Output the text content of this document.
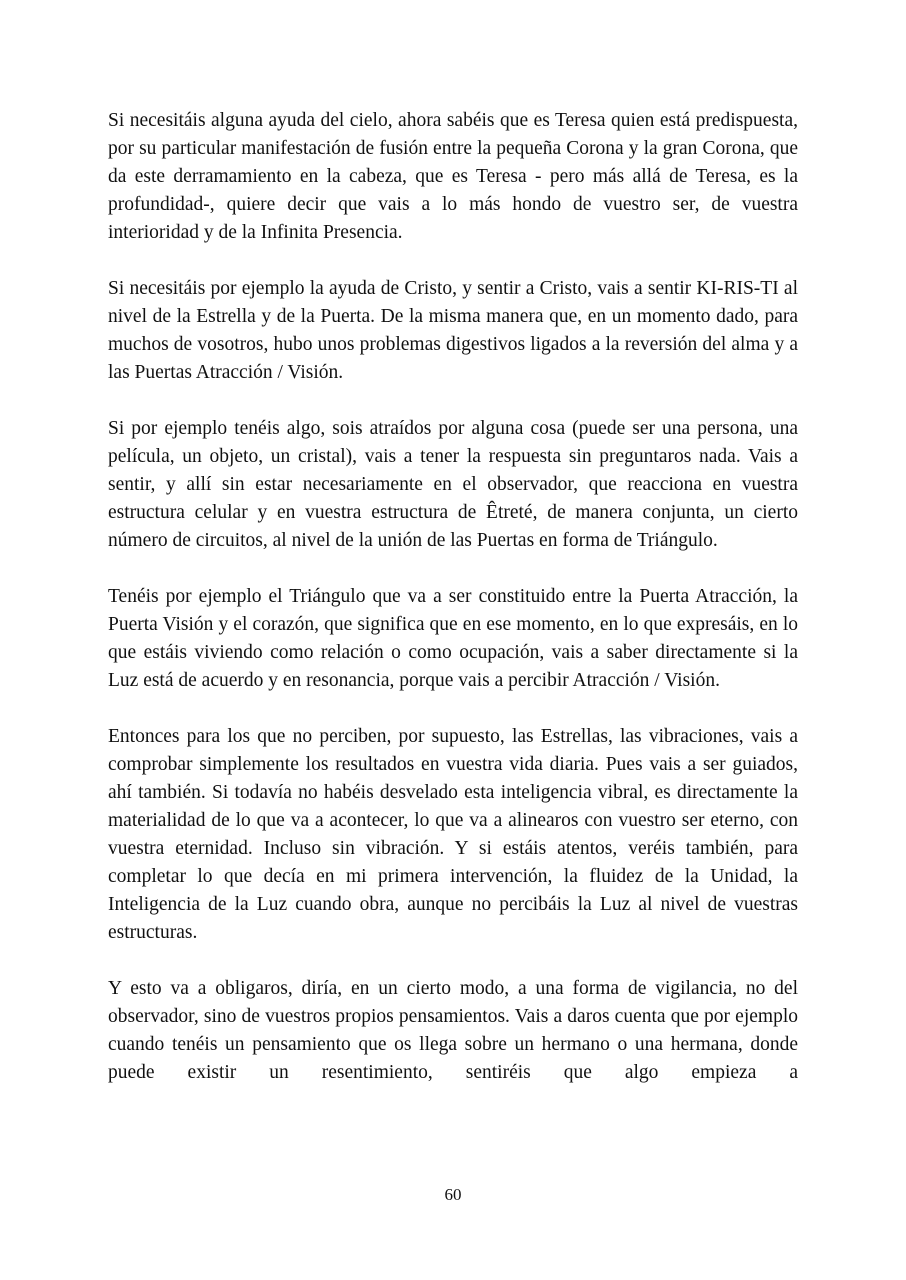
Si necesitáis alguna ayuda del cielo, ahora sabéis que es Teresa quien está predispuesta, por su particular manifestación de fusión entre la pequeña Corona y la gran Corona, que da este derramamiento en la cabeza, que es Teresa - pero más allá de Teresa, es la profundidad-, quiere decir que vais a lo más hondo de vuestro ser, de vuestra interioridad y de la Infinita Presencia.

Si necesitáis por ejemplo la ayuda de Cristo, y sentir a Cristo, vais a sentir KI-RIS-TI al nivel de la Estrella y de la Puerta. De la misma manera que, en un momento dado, para muchos de vosotros, hubo unos problemas digestivos ligados a la reversión del alma y a las Puertas Atracción / Visión.

Si por ejemplo tenéis algo, sois atraídos por alguna cosa (puede ser una persona, una película, un objeto, un cristal), vais a tener la respuesta sin preguntaros nada. Vais a sentir, y allí sin estar necesariamente en el observador, que reacciona en vuestra estructura celular y en vuestra estructura de Êtreté, de manera conjunta, un cierto número de circuitos, al nivel de la unión de las Puertas en forma de Triángulo.

Tenéis por ejemplo el Triángulo que va a ser constituido entre la Puerta Atracción, la Puerta Visión y el corazón, que significa que en ese momento, en lo que expresáis, en lo que estáis viviendo como relación o como ocupación, vais a saber directamente si la Luz está de acuerdo y en resonancia, porque vais a percibir Atracción / Visión.

Entonces para los que no perciben, por supuesto, las Estrellas, las vibraciones, vais a comprobar simplemente los resultados en vuestra vida diaria. Pues vais a ser guiados, ahí también. Si todavía no habéis desvelado esta inteligencia vibral, es directamente la materialidad de lo que va a acontecer, lo que va a alinearos con vuestro ser eterno, con vuestra eternidad. Incluso sin vibración. Y si estáis atentos, veréis también, para completar lo que decía en mi primera intervención, la fluidez de la Unidad, la Inteligencia de la Luz cuando obra, aunque no percibáis la Luz al nivel de vuestras estructuras.

Y esto va a obligaros, diría, en un cierto modo, a una forma de vigilancia, no del observador, sino de vuestros propios pensamientos. Vais a daros cuenta que por ejemplo cuando tenéis un pensamiento que os llega sobre un hermano o una hermana, donde puede existir un resentimiento, sentiréis que algo empieza a

60
